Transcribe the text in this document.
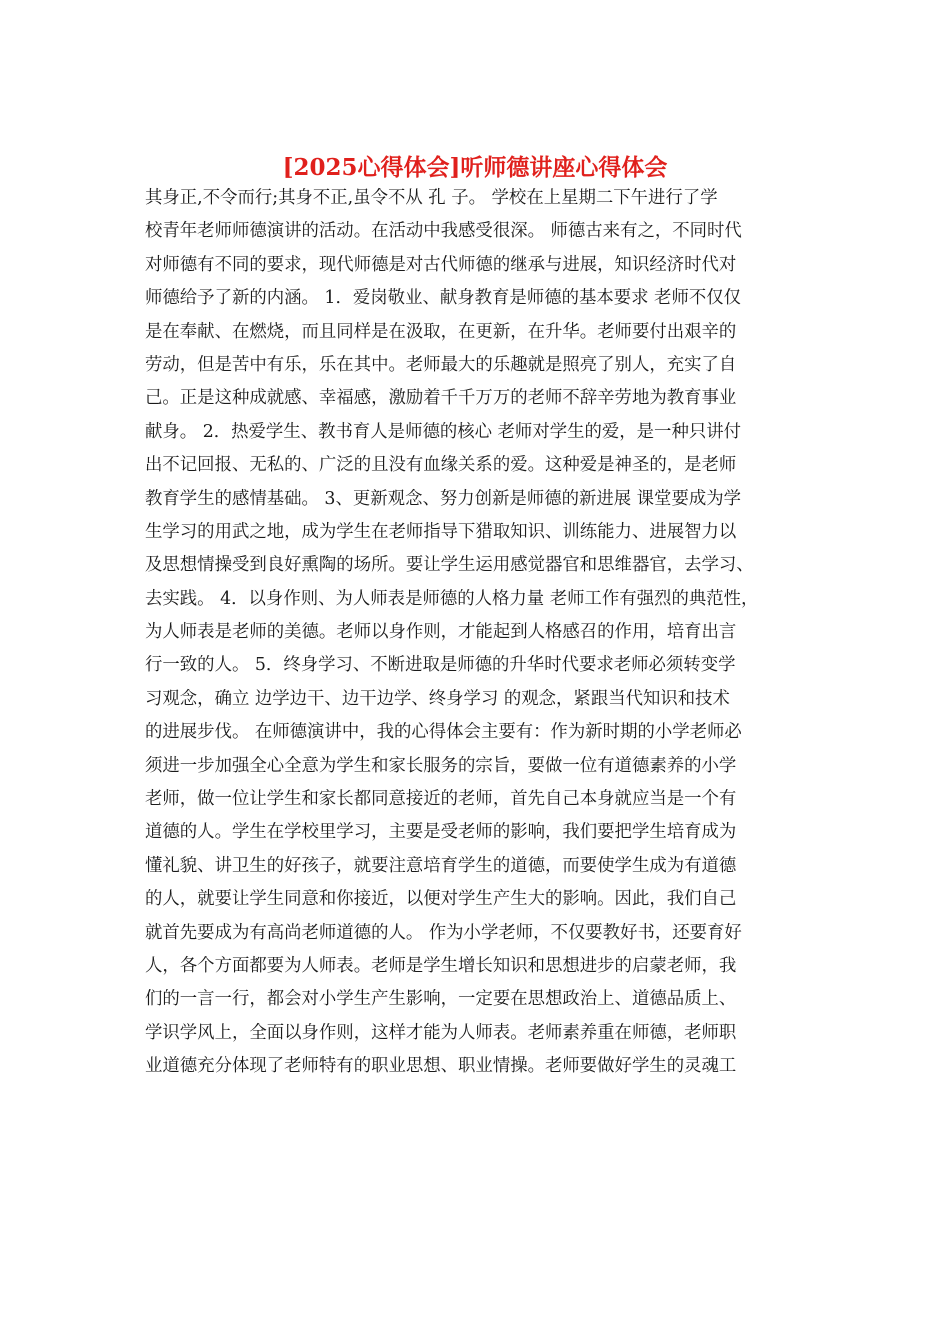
[2025心得体会]听师德讲座心得体会
其身正,不令而行;其身不正,虽令不从 孔 子。 学校在上星期二下午进行了学
校青年老师师德演讲的活动。在活动中我感受很深。 师德古来有之，不同时代
对师德有不同的要求，现代师德是对古代师德的继承与进展，知识经济时代对
师德给予了新的内涵。 1．爱岗敬业、献身教育是师德的基本要求 老师不仅仅
是在奉献、在燃烧，而且同样是在汲取，在更新，在升华。老师要付出艰辛的
劳动，但是苦中有乐，乐在其中。老师最大的乐趣就是照亮了别人，充实了自
己。正是这种成就感、幸福感，激励着千千万万的老师不辞辛劳地为教育事业
献身。 2．热爱学生、教书育人是师德的核心 老师对学生的爱，是一种只讲付
出不记回报、无私的、广泛的且没有血缘关系的爱。这种爱是神圣的，是老师
教育学生的感情基础。 3、更新观念、努力创新是师德的新进展 课堂要成为学
生学习的用武之地，成为学生在老师指导下猎取知识、训练能力、进展智力以
及思想情操受到良好熏陶的场所。要让学生运用感觉器官和思维器官，去学习、
去实践。 4．以身作则、为人师表是师德的人格力量 老师工作有强烈的典范性，
为人师表是老师的美德。老师以身作则，才能起到人格感召的作用，培育出言
行一致的人。 5．终身学习、不断进取是师德的升华时代要求老师必须转变学
习观念，确立 边学边干、边干边学、终身学习 的观念，紧跟当代知识和技术
的进展步伐。 在师德演讲中，我的心得体会主要有：作为新时期的小学老师必
须进一步加强全心全意为学生和家长服务的宗旨，要做一位有道德素养的小学
老师，做一位让学生和家长都同意接近的老师，首先自己本身就应当是一个有
道德的人。学生在学校里学习，主要是受老师的影响，我们要把学生培育成为
懂礼貌、讲卫生的好孩子，就要注意培育学生的道德，而要使学生成为有道德
的人，就要让学生同意和你接近，以便对学生产生大的影响。因此，我们自己
就首先要成为有高尚老师道德的人。 作为小学老师，不仅要教好书，还要育好
人，各个方面都要为人师表。老师是学生增长知识和思想进步的启蒙老师，我
们的一言一行，都会对小学生产生影响，一定要在思想政治上、道德品质上、
学识学风上，全面以身作则，这样才能为人师表。老师素养重在师德，老师职
业道德充分体现了老师特有的职业思想、职业情操。老师要做好学生的灵魂工
